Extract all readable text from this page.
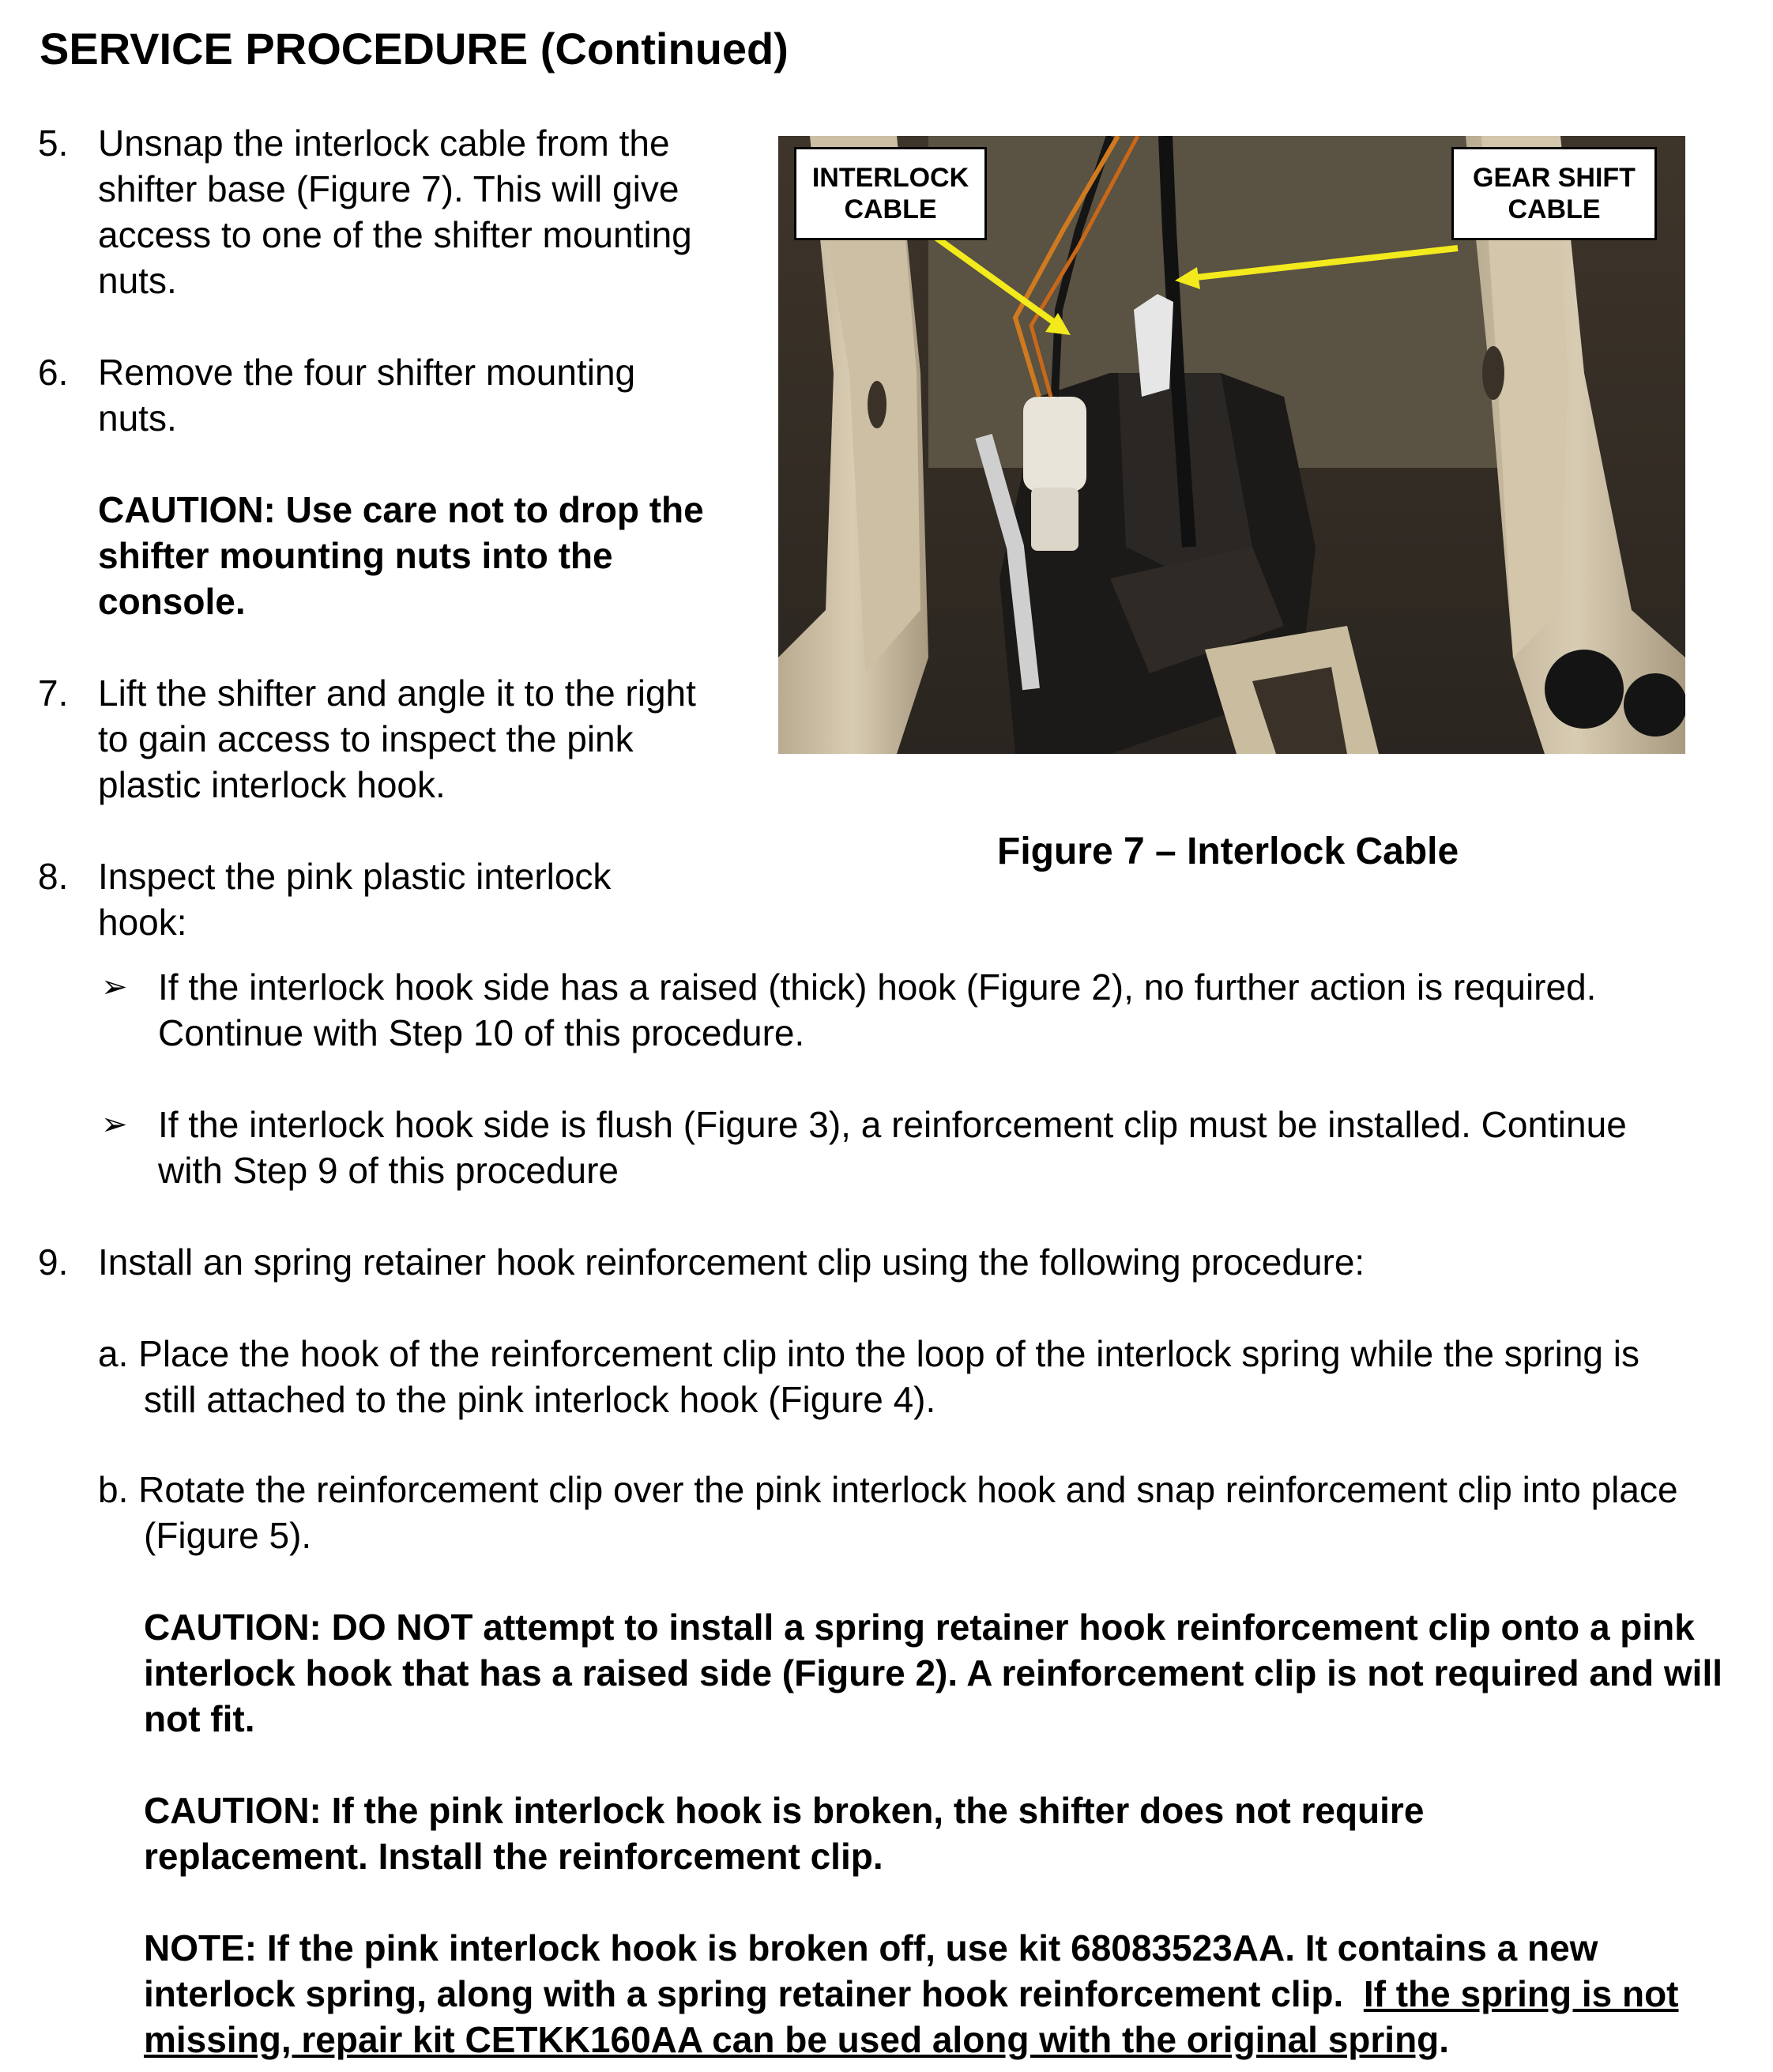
SERVICE PROCEDURE (Continued)
5. Unsnap the interlock cable from the shifter base (Figure 7). This will give access to one of the shifter mounting nuts.

6. Remove the four shifter mounting nuts.

CAUTION: Use care not to drop the shifter mounting nuts into the console.

7. Lift the shifter and angle it to the right to gain access to inspect the pink plastic interlock hook.

8. Inspect the pink plastic interlock hook:

➢ If the interlock hook side has a raised (thick) hook (Figure 2), no further action is required. Continue with Step 10 of this procedure.

➢ If the interlock hook side is flush (Figure 3), a reinforcement clip must be installed. Continue with Step 9 of this procedure

9. Install an spring retainer hook reinforcement clip using the following procedure:

a. Place the hook of the reinforcement clip into the loop of the interlock spring while the spring is still attached to the pink interlock hook (Figure 4).

b. Rotate the reinforcement clip over the pink interlock hook and snap reinforcement clip into place (Figure 5).

CAUTION: DO NOT attempt to install a spring retainer hook reinforcement clip onto a pink interlock hook that has a raised side (Figure 2). A reinforcement clip is not required and will not fit.

CAUTION: If the pink interlock hook is broken, the shifter does not require replacement. Install the reinforcement clip.

NOTE: If the pink interlock hook is broken off, use kit 68083523AA. It contains a new interlock spring, along with a spring retainer hook reinforcement clip. If the spring is not missing, repair kit CETKK160AA can be used along with the original spring.

INTERLOCK CABLE
GEAR SHIFT CABLE
Figure 7 – Interlock Cable
